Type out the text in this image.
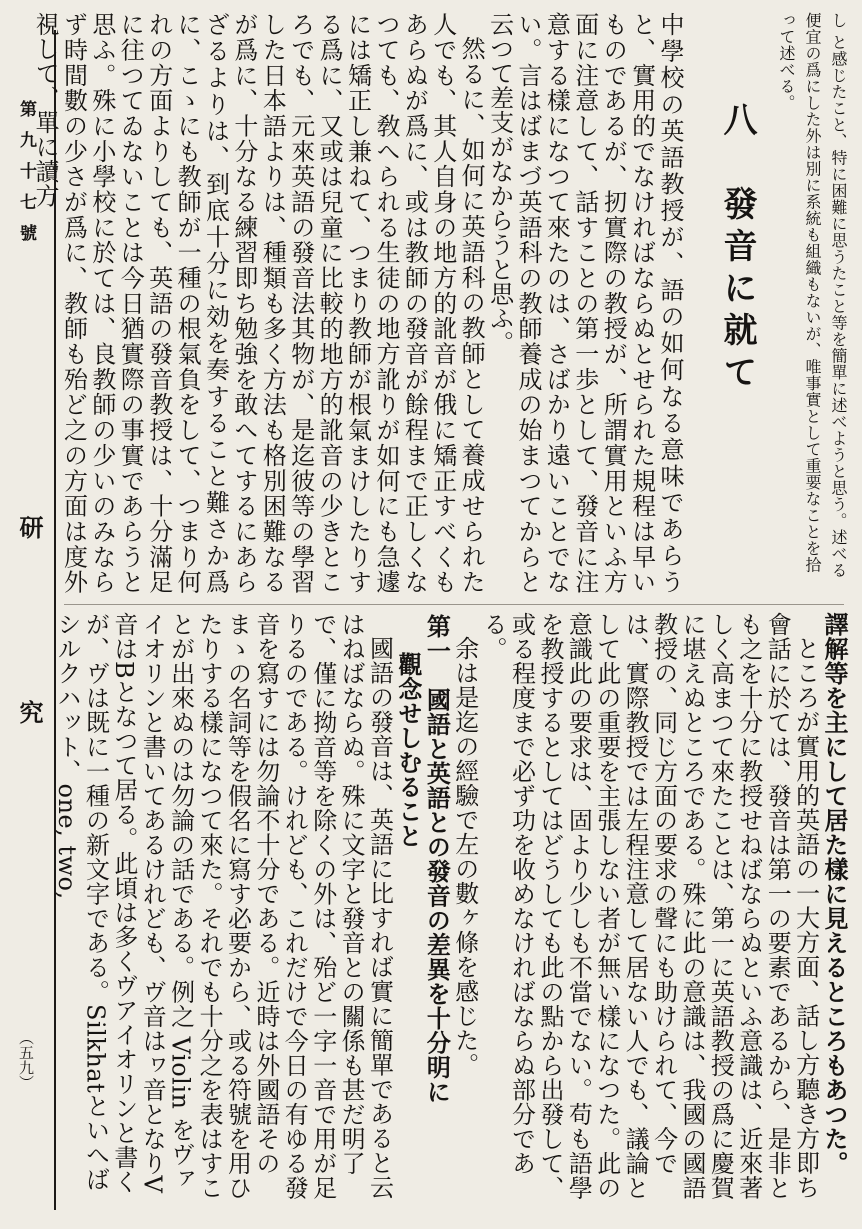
第九十七號
研
究
（五九）

し と感じたこと、特に困難に思うたこと等を簡單に述べようと思う。述べる

便宜の爲にした外は別に系統も組織もないが、唯事實として重要なことを拾

って述べる。

八　發音に就て

中學校の英語教授が、語の如何なる意味であらうと、實用的でなければならぬとせられた規程は早いものであるが、扨實際の教授が、所謂實用といふ方面に注意して、話すことの第一歩として、發音に注意する樣になつて來たのは、さばかり遠いことでない。言はばまづ英語科の教師養成の始まつてからと云つて差支がなからうと思ふ。

然るに、如何に英語科の教師として養成せられた人でも、其人自身の地方的訛音が俄に矯正すべくもあらぬが爲に、或は教師の發音が餘程まで正しくなつても、敎へられる生徒の地方訛りが如何にも急遽には矯正し兼ねて、つまり教師が根氣まけしたりする爲に、又或は兒童に比較的地方的訛音の少きところでも、元來英語の發音法其物が、是迄彼等の學習した日本語よりは、種類も多く方法も格別困難なるが爲に、十分なる練習即ち勉強を敢へてするにあらざるよりは、到底十分に効を奏すること難さか爲に、こゝにも教師が一種の根氣負をして、つまり何れの方面よりしても、英語の發音教授は、十分滿足に往つてゐないことは今日猶實際の事實であらうと思ふ。殊に小學校に於ては、良教師の少いのみならず時間數の少さが爲に、教師も殆ど之の方面は度外視して、單に讀方

譯解等を主にして居た樣に見えるところもあつた。

ところが實用的英語の一大方面、話し方聽き方即ち會話に於ては、發音は第一の要素であるから、是非とも之を十分に教授せねばならぬといふ意識は、近來著しく高まつて來たことは、第一に英語教授の爲に慶賀に堪えぬところである。殊に此の意識は、我國の國語教授の、同じ方面の要求の聲にも助けられて、今では、實際教授では左程注意して居ない人でも、議論として此の重要を主張しない者が無い樣になつた。此の意識此の要求は、固より少しも不當でない。苟も語學を教授するとしてはどうしても此の點から出發して、或る程度まで必ず功を收めなければならぬ部分である。

余は是迄の經驗で左の數ヶ條を感じた。

第一　國語と英語との發音の差異を十分明に

觀念せしむること

國語の發音は、英語に比すれば實に簡單であると云はねばならぬ。殊に文字と發音との關係も甚だ明了で、僅に拗音等を除くの外は、殆ど一字一音で用が足りるのである。けれども、これだけで今日の有ゆる發音を寫すには勿論不十分である。近時は外國語そのまゝの名詞等を假名に寫す必要から、或る符號を用ひたりする樣になつて來た。それでも十分之を表はすことが出來ぬのは勿論の話である。例之 Violin をヴァイオリンと書いてあるけれども、ヴ音はヮ音となりV音はBとなつて居る。此頃は多くヴアイオリンと書くが、ヴは既に一種の新文字である。Silkhatといへばシルクハット、one, two,
